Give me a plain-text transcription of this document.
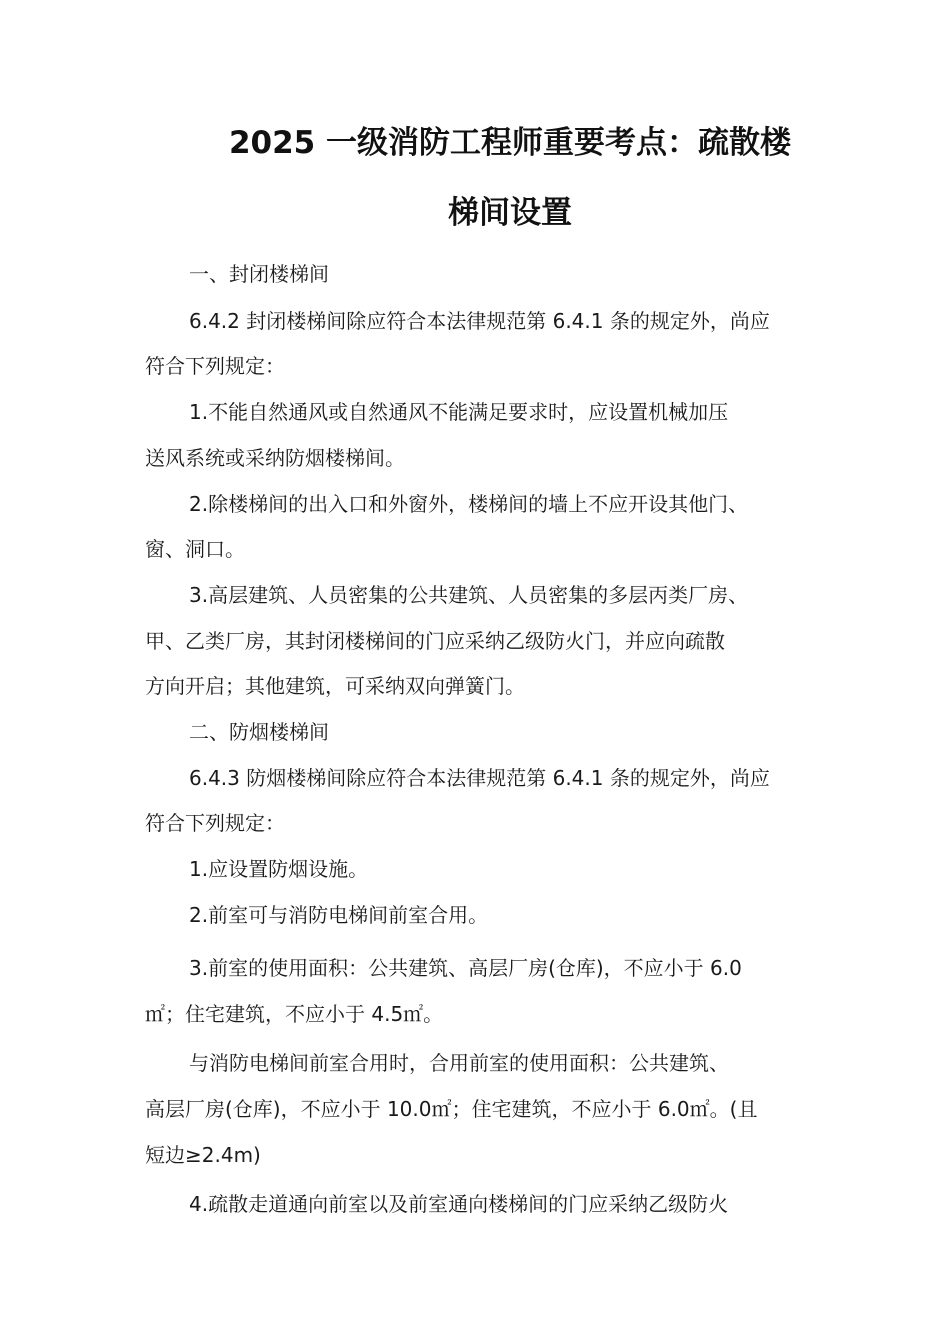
2025 一级消防工程师重要考点：疏散楼
梯间设置
一、封闭楼梯间
6.4.2 封闭楼梯间除应符合本法律规范第 6.4.1 条的规定外，尚应
符合下列规定：
1.不能自然通风或自然通风不能满足要求时，应设置机械加压
送风系统或采纳防烟楼梯间。
2.除楼梯间的出入口和外窗外，楼梯间的墙上不应开设其他门、
窗、洞口。
3.高层建筑、人员密集的公共建筑、人员密集的多层丙类厂房、
甲、乙类厂房，其封闭楼梯间的门应采纳乙级防火门，并应向疏散
方向开启；其他建筑，可采纳双向弹簧门。
二、防烟楼梯间
6.4.3 防烟楼梯间除应符合本法律规范第 6.4.1 条的规定外，尚应
符合下列规定：
1.应设置防烟设施。
2.前室可与消防电梯间前室合用。
3.前室的使用面积：公共建筑、高层厂房(仓库)，不应小于 6.0
㎡；住宅建筑，不应小于 4.5㎡。
与消防电梯间前室合用时，合用前室的使用面积：公共建筑、
高层厂房(仓库)，不应小于 10.0㎡；住宅建筑，不应小于 6.0㎡。(且
短边≥2.4m)
4.疏散走道通向前室以及前室通向楼梯间的门应采纳乙级防火
